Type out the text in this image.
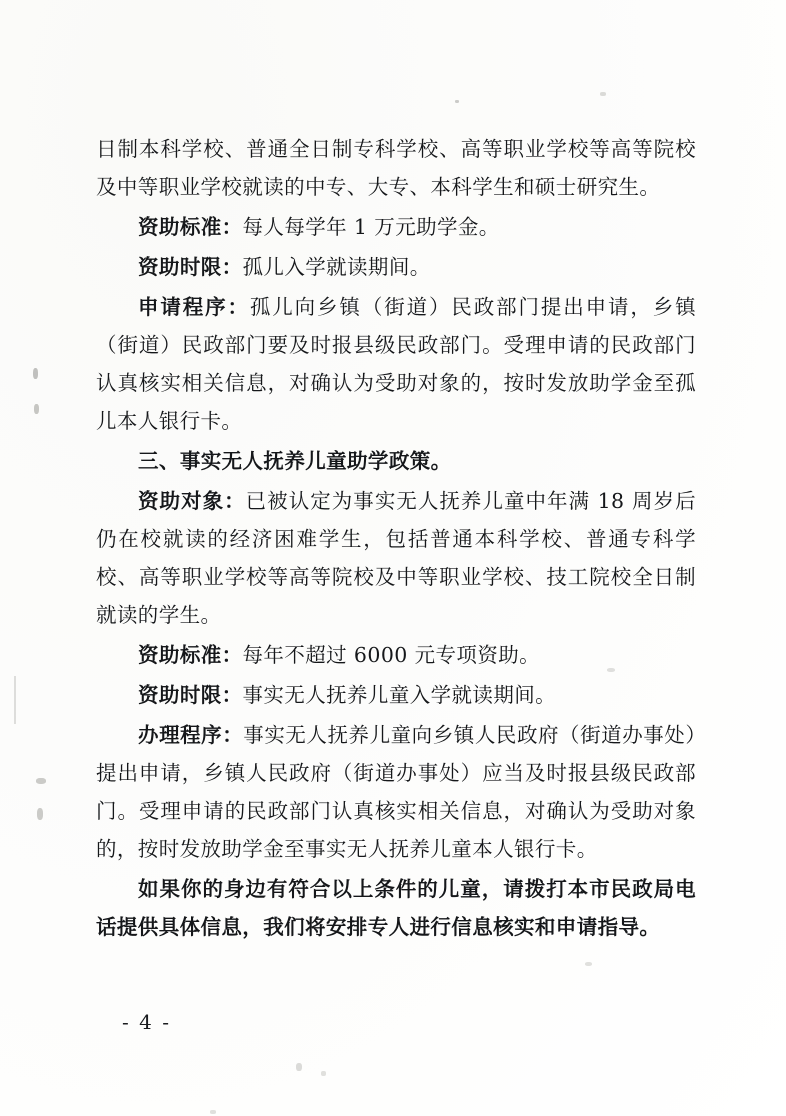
日制本科学校、普通全日制专科学校、高等职业学校等高等院校及中等职业学校就读的中专、大专、本科学生和硕士研究生。

资助标准：每人每学年 1 万元助学金。

资助时限：孤儿入学就读期间。

申请程序：孤儿向乡镇（街道）民政部门提出申请，乡镇（街道）民政部门要及时报县级民政部门。受理申请的民政部门认真核实相关信息，对确认为受助对象的，按时发放助学金至孤儿本人银行卡。

三、事实无人抚养儿童助学政策。

资助对象：已被认定为事实无人抚养儿童中年满 18 周岁后仍在校就读的经济困难学生，包括普通本科学校、普通专科学校、高等职业学校等高等院校及中等职业学校、技工院校全日制就读的学生。

资助标准：每年不超过 6000 元专项资助。

资助时限：事实无人抚养儿童入学就读期间。

办理程序：事实无人抚养儿童向乡镇人民政府（街道办事处）提出申请，乡镇人民政府（街道办事处）应当及时报县级民政部门。受理申请的民政部门认真核实相关信息，对确认为受助对象的，按时发放助学金至事实无人抚养儿童本人银行卡。

如果你的身边有符合以上条件的儿童，请拨打本市民政局电话提供具体信息，我们将安排专人进行信息核实和申请指导。

- 4 -
